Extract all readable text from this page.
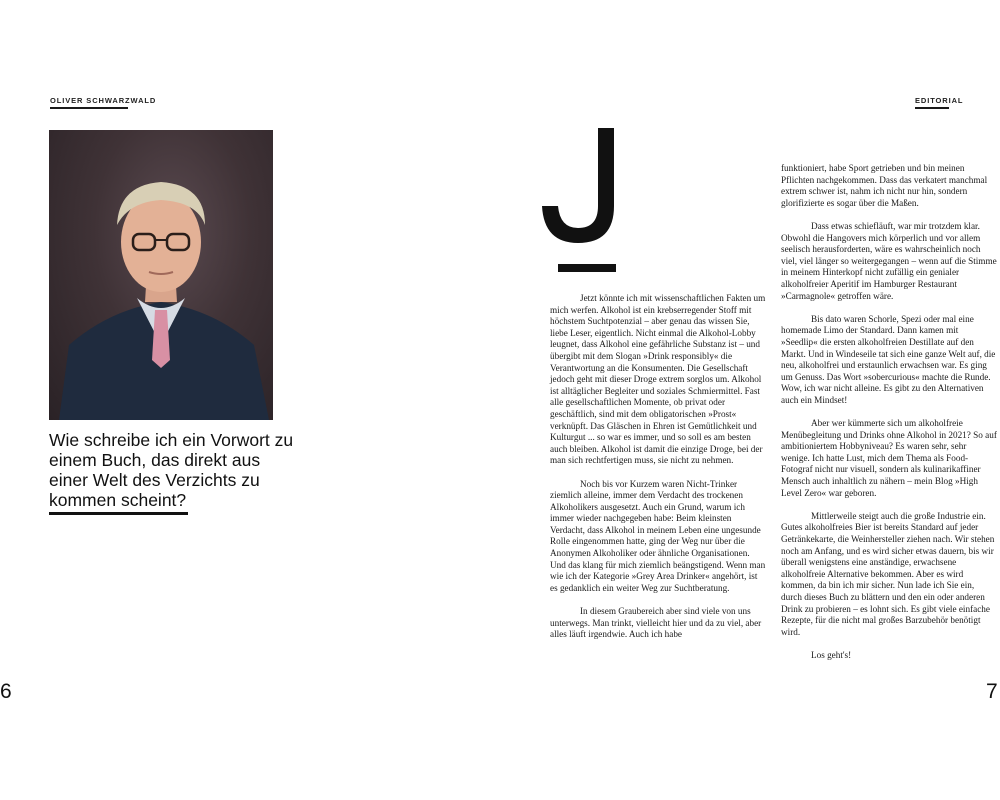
OLIVER SCHWARZWALD	EDITORIAL
Wie schreibe ich ein Vorwort zu einem Buch, das direkt aus einer Welt des Verzichts zu kommen scheint?
6	7

Jetzt könnte ich mit wissenschaftlichen Fakten um mich werfen. Alkohol ist ein krebserregender Stoff mit höchstem Suchtpotenzial – aber genau das wissen Sie, liebe Leser, eigentlich. Nicht einmal die Alkohol-Lobby leugnet, dass Alkohol eine gefährliche Substanz ist – und übergibt mit dem Slogan »Drink responsibly« die Verantwortung an die Konsumenten. Die Gesellschaft jedoch geht mit dieser Droge extrem sorglos um. Alkohol ist alltäglicher Begleiter und soziales Schmiermittel. Fast alle gesellschaftlichen Momente, ob privat oder geschäftlich, sind mit dem obligatorischen »Prost« verknüpft. Das Gläschen in Ehren ist Gemütlichkeit und Kulturgut ... so war es immer, und so soll es am besten auch bleiben. Alkohol ist damit die einzige Droge, bei der man sich rechtfertigen muss, sie nicht zu nehmen.

Noch bis vor Kurzem waren Nicht-Trinker ziemlich alleine, immer dem Verdacht des trockenen Alkoholikers ausgesetzt. Auch ein Grund, warum ich immer wieder nachgegeben habe: Beim kleinsten Verdacht, dass Alkohol in meinem Leben eine ungesunde Rolle eingenommen hatte, ging der Weg nur über die Anonymen Alkoholiker oder ähnliche Organisationen. Und das klang für mich ziemlich beängstigend. Wenn man wie ich der Kategorie »Grey Area Drinker« angehört, ist es gedanklich ein weiter Weg zur Suchtberatung.

In diesem Graubereich aber sind viele von uns unterwegs. Man trinkt, vielleicht hier und da zu viel, aber alles läuft irgendwie. Auch ich habe

funktioniert, habe Sport getrieben und bin meinen Pflichten nachgekommen. Dass das verkatert manchmal extrem schwer ist, nahm ich nicht nur hin, sondern glorifizierte es sogar über die Maßen.

Dass etwas schiefläuft, war mir trotzdem klar. Obwohl die Hangovers mich körperlich und vor allem seelisch herausforderten, wäre es wahrscheinlich noch viel, viel länger so weitergegangen – wenn auf die Stimme in meinem Hinterkopf nicht zufällig ein genialer alkoholfreier Aperitif im Hamburger Restaurant »Carmagnole« getroffen wäre.

Bis dato waren Schorle, Spezi oder mal eine homemade Limo der Standard. Dann kamen mit »Seedlip« die ersten alkoholfreien Destillate auf den Markt. Und in Windeseile tat sich eine ganze Welt auf, die neu, alkoholfrei und erstaunlich erwachsen war. Es ging um Genuss. Das Wort »sobercurious« machte die Runde. Wow, ich war nicht alleine. Es gibt zu den Alternativen auch ein Mindset!

Aber wer kümmerte sich um alkoholfreie Menübegleitung und Drinks ohne Alkohol in 2021? So auf ambitioniertem Hobbyniveau? Es waren sehr, sehr wenige. Ich hatte Lust, mich dem Thema als Food-Fotograf nicht nur visuell, sondern als kulinarikaffiner Mensch auch inhaltlich zu nähern – mein Blog »High Level Zero« war geboren.

Mittlerweile steigt auch die große Industrie ein. Gutes alkoholfreies Bier ist bereits Standard auf jeder Getränkekarte, die Weinhersteller ziehen nach. Wir stehen noch am Anfang, und es wird sicher etwas dauern, bis wir überall wenigstens eine anständige, erwachsene alkoholfreie Alternative bekommen. Aber es wird kommen, da bin ich mir sicher. Nun lade ich Sie ein, durch dieses Buch zu blättern und den ein oder anderen Drink zu probieren – es lohnt sich. Es gibt viele einfache Rezepte, für die nicht mal großes Barzubehör benötigt wird.

Los geht's!
